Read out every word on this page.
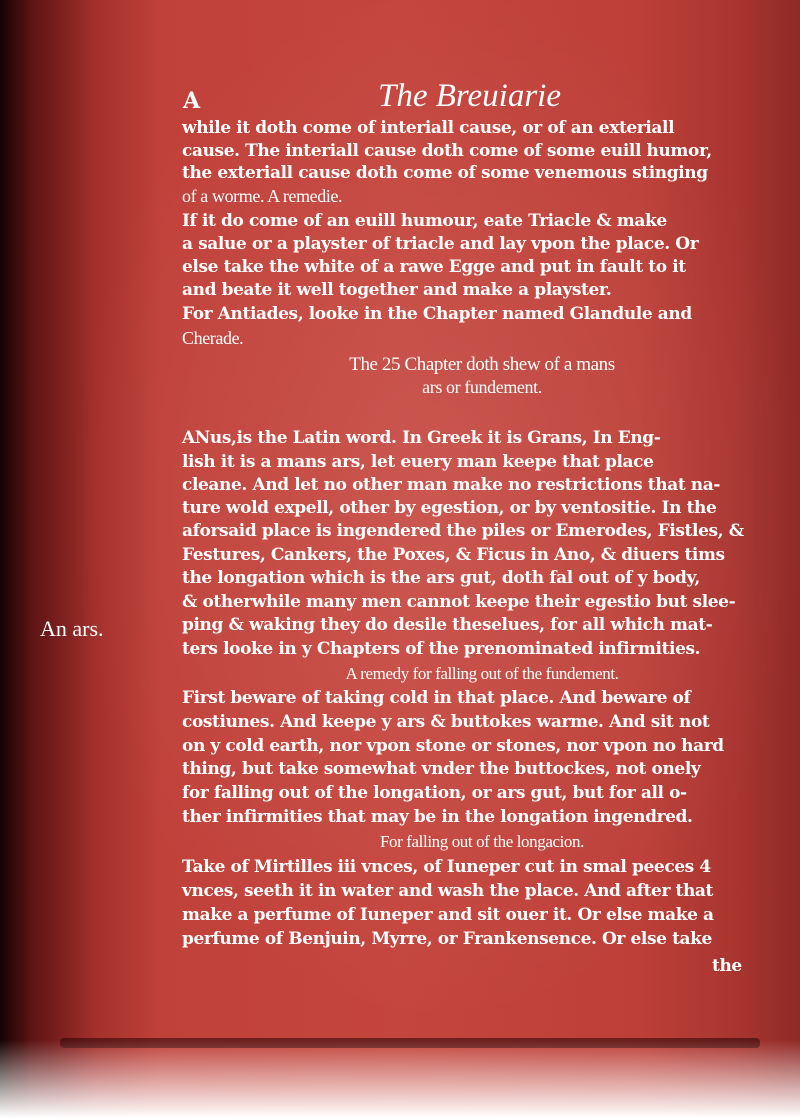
A	The Breuiarie
An ars.
while it doth come of interiall cause, or of an exteriall
cause. The interiall cause doth come of some euill humor,
the exteriall cause doth come of some venemous stinging
of a worme. A remedie.
If it do come of an euill humour, eate Triacle & make
a salue or a playster of triacle and lay vpon the place. Or
else take the white of a rawe Egge and put in fault to it
and beate it well together and make a playster.
For Antiades, looke in the Chapter named Glandule and
Cherade.
The 25 Chapter doth shew of a mans
ars or fundement.
ANus,is the Latin word. In Greek it is Grans, In Eng-
lish it is a mans ars, let euery man keepe that place
cleane. And let no other man make no restrictions that na-
ture wold expell, other by egestion, or by ventositie. In the
aforsaid place is ingendered the piles or Emerodes, Fistles, &
Festures, Cankers, the Poxes, & Ficus in Ano, & diuers tims
the longation which is the ars gut, doth fal out of y body,
& otherwhile many men cannot keepe their egestio but slee-
ping & waking they do desile theselues, for all which mat-
ters looke in y Chapters of the prenominated infirmities.
A remedy for falling out of the fundement.
First beware of taking cold in that place. And beware of
costiunes. And keepe y ars & buttokes warme. And sit not
on y cold earth, nor vpon stone or stones, nor vpon no hard
thing, but take somewhat vnder the buttockes, not onely
for falling out of the longation, or ars gut, but for all o-
ther infirmities that may be in the longation ingendred.
For falling out of the longacion.
Take of Mirtilles iii vnces, of Iuneper cut in smal peeces 4
vnces, seeth it in water and wash the place. And after that
make a perfume of Iuneper and sit ouer it. Or else make a
perfume of Benjuin, Myrre, or Frankensence. Or else take
the
